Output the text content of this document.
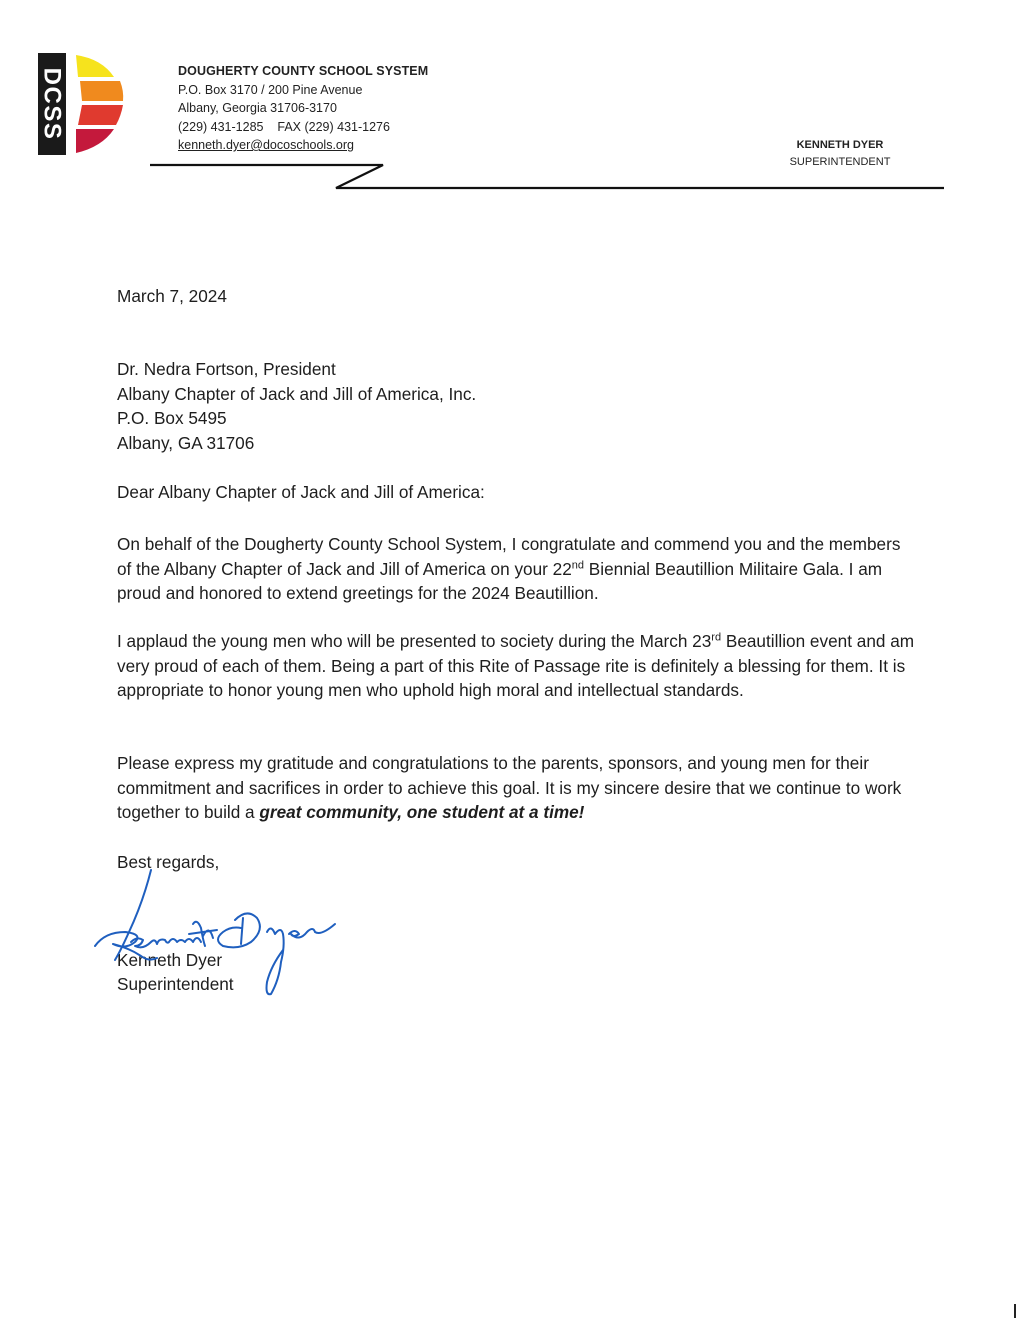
DCSS	DOUGHERTY COUNTY SCHOOL SYSTEM
P.O. Box 3170 / 200 Pine Avenue
Albany, Georgia 31706-3170
(229) 431-1285    FAX (229) 431-1276
kenneth.dyer@docoschools.org	KENNETH DYER
SUPERINTENDENT
March 7, 2024
Dr. Nedra Fortson, President
Albany Chapter of Jack and Jill of America, Inc.
P.O. Box 5495
Albany, GA 31706
Dear Albany Chapter of Jack and Jill of America:
On behalf of the Dougherty County School System, I congratulate and commend you and the members of the Albany Chapter of Jack and Jill of America on your 22nd Biennial Beautillion Militaire Gala. I am proud and honored to extend greetings for the 2024 Beautillion.
I applaud the young men who will be presented to society during the March 23rd Beautillion event and am very proud of each of them. Being a part of this Rite of Passage rite is definitely a blessing for them. It is appropriate to honor young men who uphold high moral and intellectual standards.
Please express my gratitude and congratulations to the parents, sponsors, and young men for their commitment and sacrifices in order to achieve this goal. It is my sincere desire that we continue to work together to build a great community, one student at a time!
Best regards,
Kenneth Dyer
Superintendent
